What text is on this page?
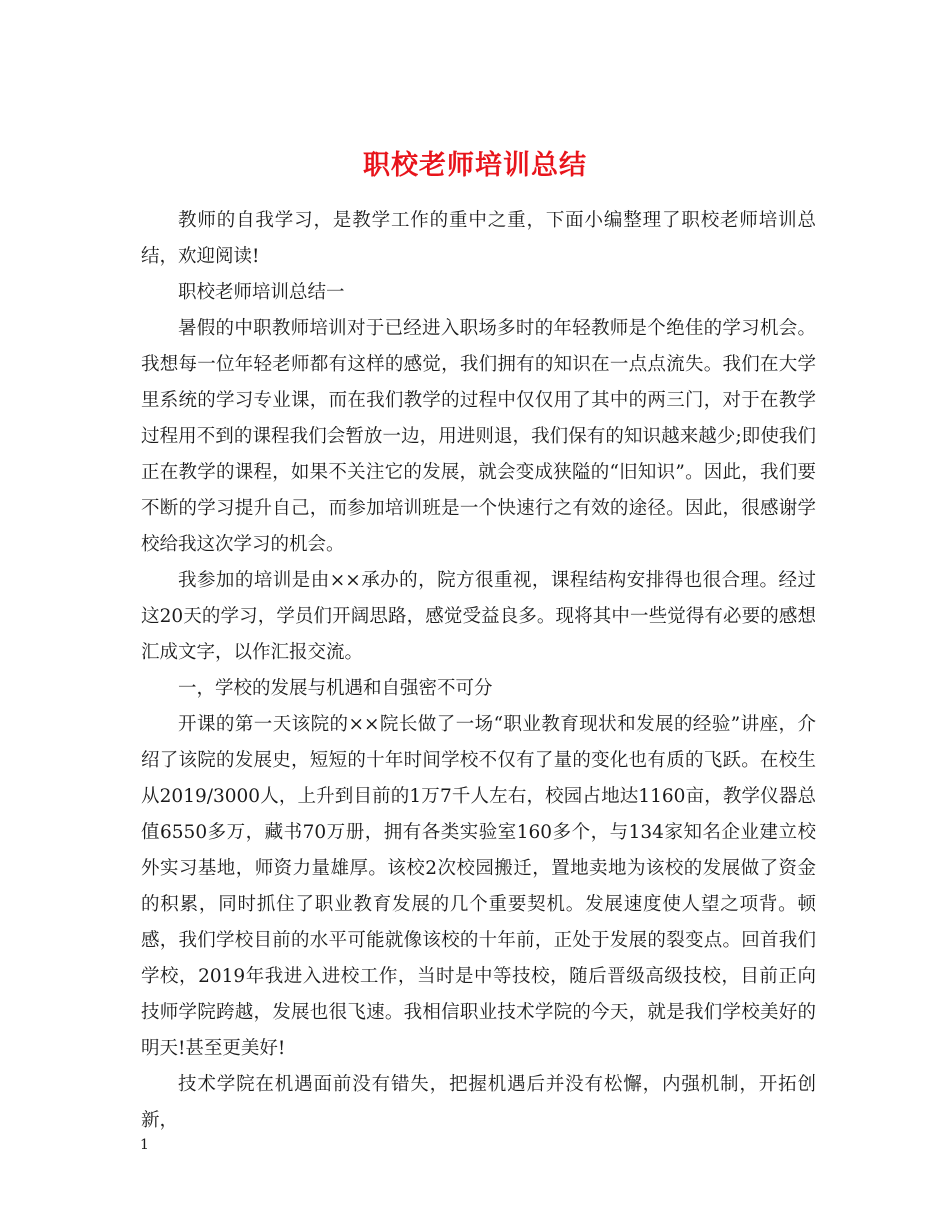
职校老师培训总结

教师的自我学习，是教学工作的重中之重，下面小编整理了职校老师培训总结，欢迎阅读!

职校老师培训总结一

暑假的中职教师培训对于已经进入职场多时的年轻教师是个绝佳的学习机会。我想每一位年轻老师都有这样的感觉，我们拥有的知识在一点点流失。我们在大学里系统的学习专业课，而在我们教学的过程中仅仅用了其中的两三门，对于在教学过程用不到的课程我们会暂放一边，用进则退，我们保有的知识越来越少;即使我们正在教学的课程，如果不关注它的发展，就会变成狭隘的“旧知识”。因此，我们要不断的学习提升自己，而参加培训班是一个快速行之有效的途径。因此，很感谢学校给我这次学习的机会。

我参加的培训是由××承办的，院方很重视，课程结构安排得也很合理。经过这20天的学习，学员们开阔思路，感觉受益良多。现将其中一些觉得有必要的感想汇成文字，以作汇报交流。

一，学校的发展与机遇和自强密不可分

开课的第一天该院的××院长做了一场“职业教育现状和发展的经验”讲座，介绍了该院的发展史，短短的十年时间学校不仅有了量的变化也有质的飞跃。在校生从2019/3000人，上升到目前的1万7千人左右，校园占地达1160亩，教学仪器总值6550多万，藏书70万册，拥有各类实验室160多个，与134家知名企业建立校外实习基地，师资力量雄厚。该校2次校园搬迁，置地卖地为该校的发展做了资金的积累，同时抓住了职业教育发展的几个重要契机。发展速度使人望之项背。顿感，我们学校目前的水平可能就像该校的十年前，正处于发展的裂变点。回首我们学校，2019年我进入进校工作，当时是中等技校，随后晋级高级技校，目前正向技师学院跨越，发展也很飞速。我相信职业技术学院的今天，就是我们学校美好的明天!甚至更美好!

技术学院在机遇面前没有错失，把握机遇后并没有松懈，内强机制，开拓创新，

1
